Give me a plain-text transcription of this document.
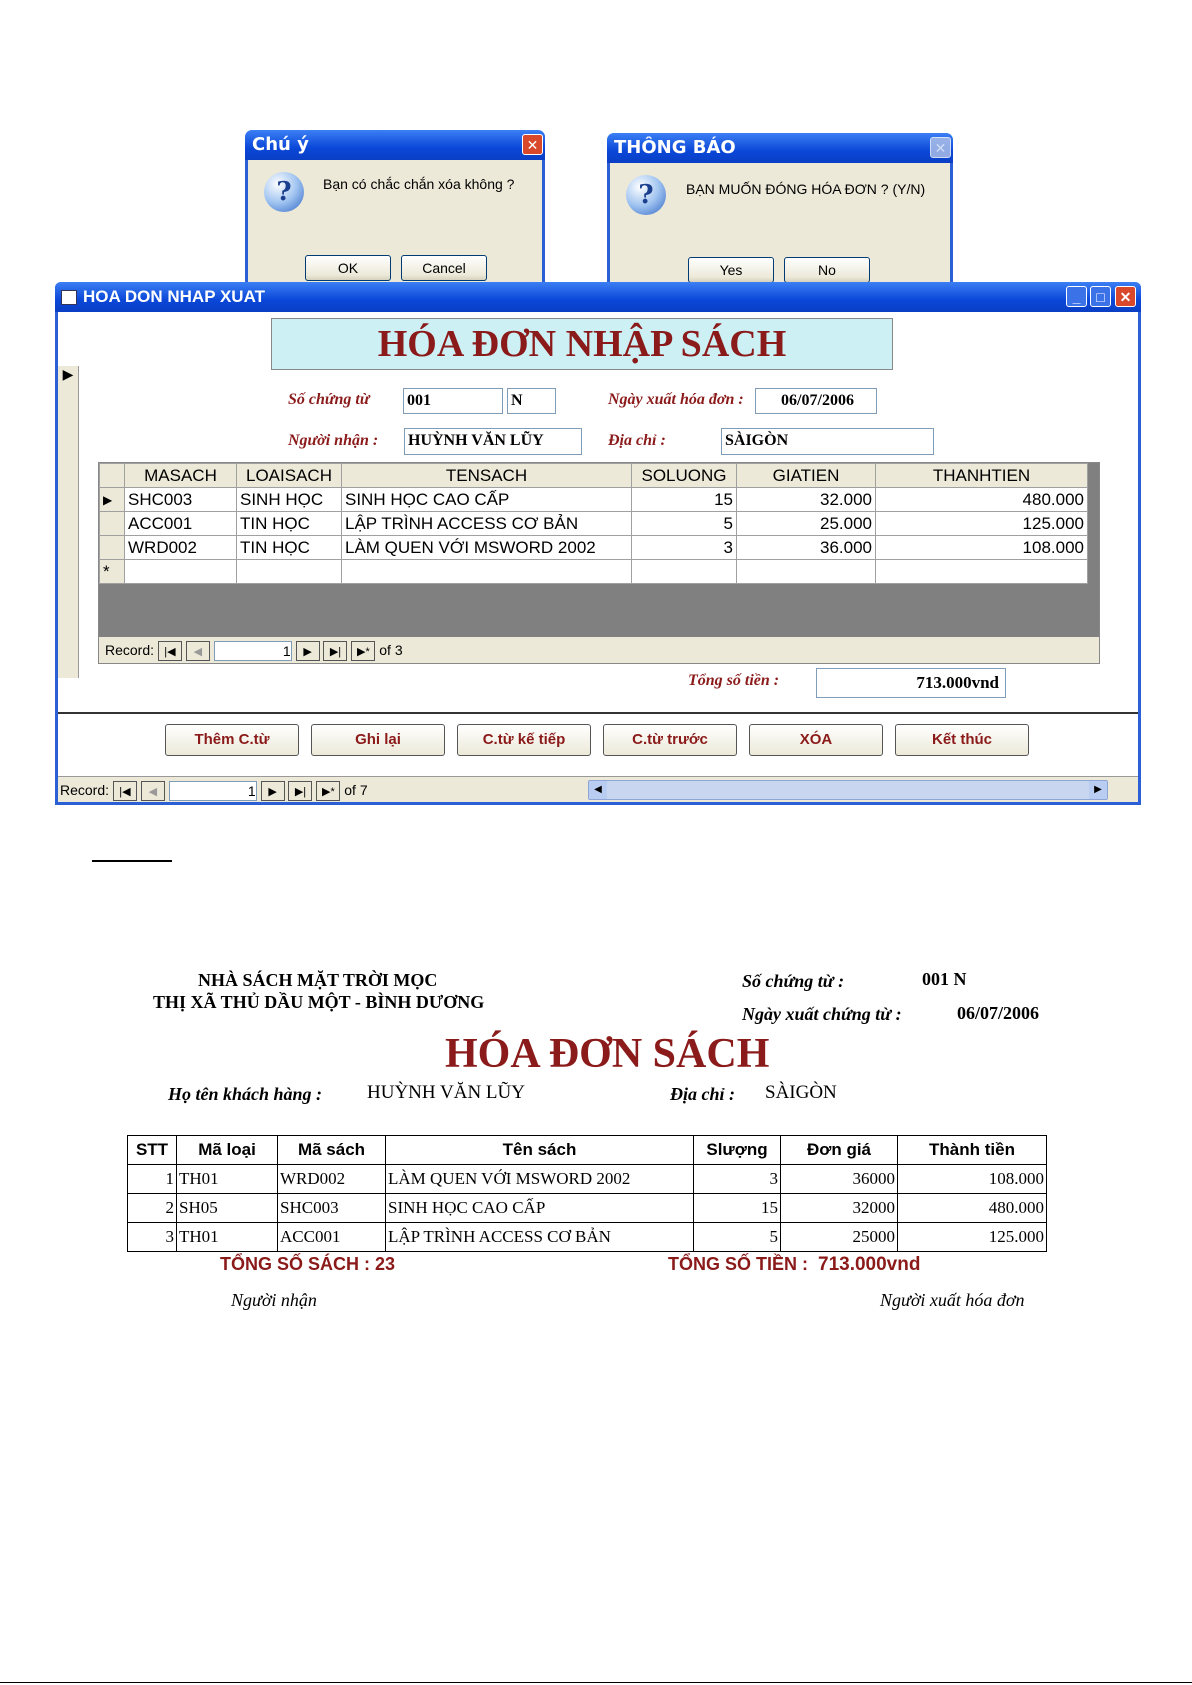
Chú ý	✕
?	Bạn có chắc chắn xóa không ?
OK	Cancel
THÔNG BÁO	✕
?	BẠN MUỐN ĐÓNG HÓA ĐƠN ? (Y/N)
Yes	No
HOA DON NHAP XUAT	_	□	✕
▶
HÓA ĐƠN NHẬP SÁCH
Số chứng từ 001	N	Ngày xuất hóa đơn :	06/07/2006
Người nhận : HUỲNH VĂN LŨY	Địa chỉ :	SÀIGÒN
	MASACH	LOAISACH	TENSACH	SOLUONG	GIATIEN	THANHTIEN
▶	SHC003	SINH HỌC	SINH HỌC CAO CẤP	15	32.000	480.000
	ACC001	TIN HỌC	LẬP TRÌNH ACCESS CƠ BẢN	5	25.000	125.000
	WRD002	TIN HỌC	LÀM QUEN VỚI MSWORD 2002	3	36.000	108.000
*						
Record: |◀ ◀	1 ▶ ▶| ▶* of 3
Tổng số tiền :	713.000vnd
Thêm C.từ	Ghi lại	C.từ kế tiếp	C.từ trước	XÓA	Kết thúc
Record: |◀ ◀	1 ▶ ▶| ▶* of 7	◀	▶
NHÀ SÁCH MẶT TRỜI MỌC
THỊ XÃ THỦ DẦU MỘT - BÌNH DƯƠNG
Số chứng từ :	001 N
Ngày xuất chứng từ :	06/07/2006
HÓA ĐƠN SÁCH
Họ tên khách hàng : HUỲNH VĂN LŨY	Địa chỉ : SÀIGÒN
STT	Mã loại	Mã sách	Tên sách	Slượng	Đơn giá	Thành tiền
1	TH01	WRD002	LÀM QUEN VỚI MSWORD 2002	3	36000	108.000
2	SH05	SHC003	SINH HỌC CAO CẤP	15	32000	480.000
3	TH01	ACC001	LẬP TRÌNH ACCESS CƠ BẢN	5	25000	125.000
TỔNG SỐ SÁCH : 23	TỔNG SỐ TIỀN : 713.000vnd
Người nhận	Người xuất hóa đơn
